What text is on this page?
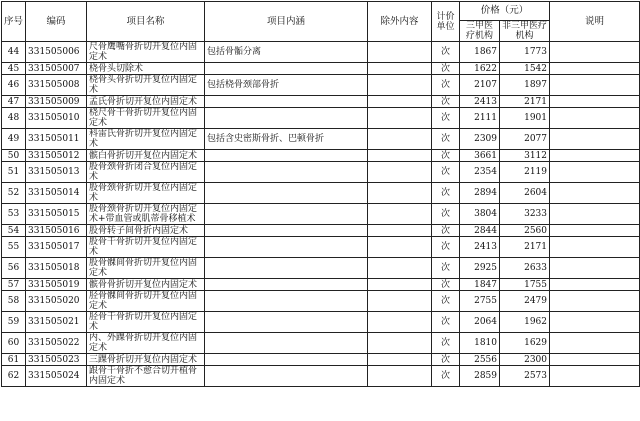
序号	编码	项目名称	项目内涵	除外内容	计价单位	价格（元）		说明
						三甲医疗机构	非三甲医疗机构	
44	331505006	尺骨鹰嘴骨折切开复位内固定术	包括骨骺分离		次	1867	1773	
45	331505007	桡骨头切除术			次	1622	1542	
46	331505008	桡骨头骨折切开复位内固定术	包括桡骨颈部骨折		次	2107	1897	
47	331505009	孟氏骨折切开复位内固定术			次	2413	2171	
48	331505010	桡尺骨干骨折切开复位内固定术			次	2111	1901	
49	331505011	科雷氏骨折切开复位内固定术	包括含史密斯骨折、巴顿骨折		次	2309	2077	
50	331505012	髌白骨折切开复位内固定术			次	3661	3112	
51	331505013	股骨颈骨折闭合复位内固定术			次	2354	2119	
52	331505014	股骨颈骨折切开复位内固定术			次	2894	2604	
53	331505015	股骨颈骨折切开复位内固定术+带血管或肌蒂骨移植术			次	3804	3233	
54	331505016	股骨转子间骨折内固定术			次	2844	2560	
55	331505017	股骨干骨折切开复位内固定术			次	2413	2171	
56	331505018	股骨髁间骨折切开复位内固定术			次	2925	2633	
57	331505019	髌骨骨折切开复位内固定术			次	1847	1755	
58	331505020	胫骨髁间骨折切开复位内固定术			次	2755	2479	
59	331505021	胫骨干骨折切开复位内固定术			次	2064	1962	
60	331505022	内、外踝骨折切开复位内固定术			次	1810	1629	
61	331505023	三踝骨折切开复位内固定术			次	2556	2300	
62	331505024	跟骨干骨折不愈合切开植骨内固定术			次	2859	2573	
